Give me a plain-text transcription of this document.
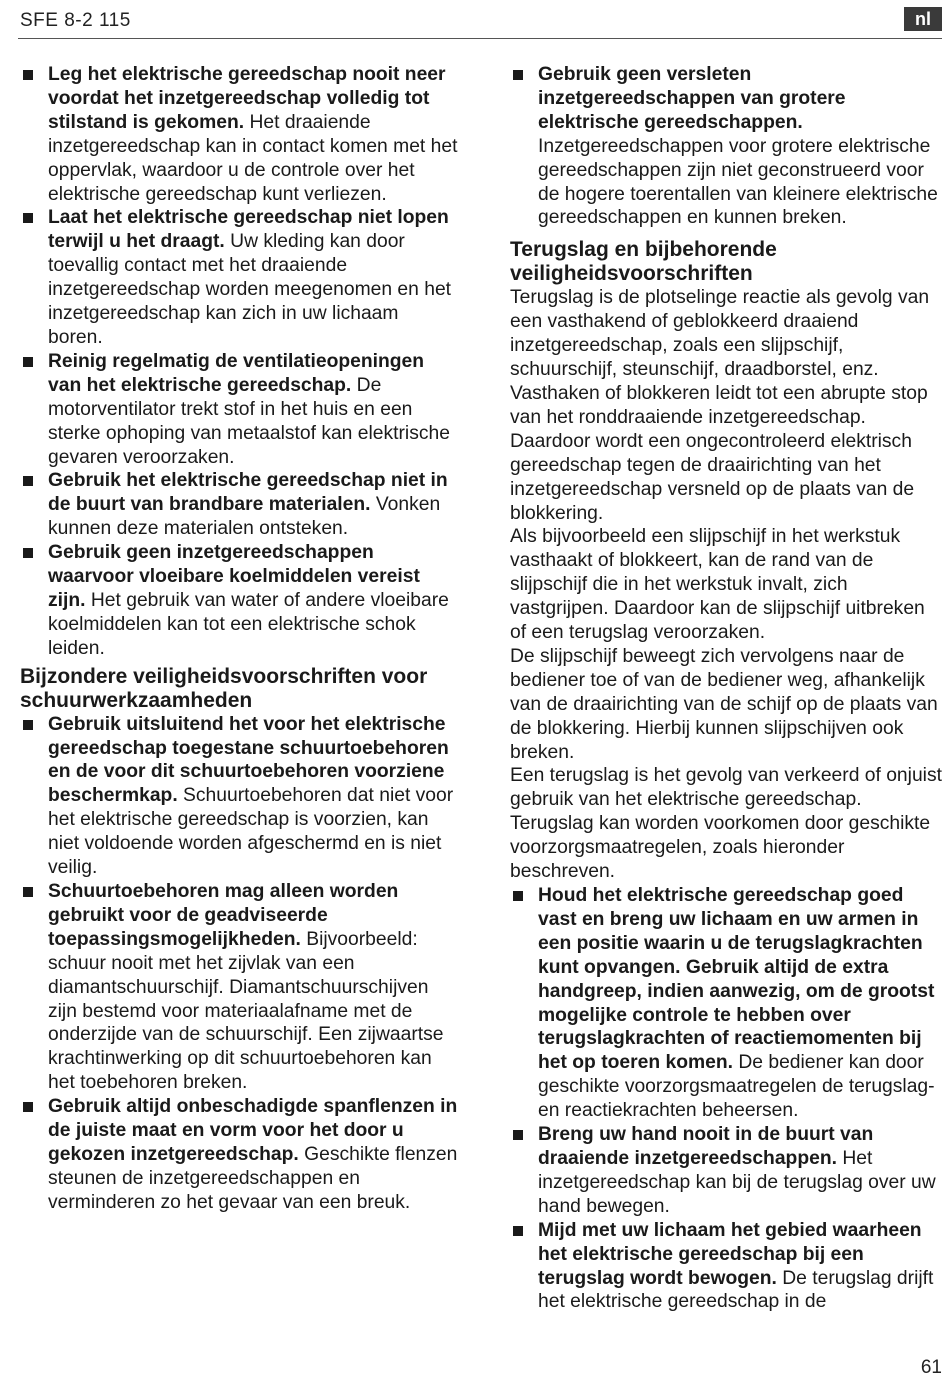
SFE 8-2 115	nl
Leg het elektrische gereedschap nooit neer voordat het inzetgereedschap volledig tot stilstand is gekomen. Het draaiende inzetgereedschap kan in contact komen met het oppervlak, waardoor u de controle over het elektrische gereedschap kunt verliezen.
Laat het elektrische gereedschap niet lopen terwijl u het draagt. Uw kleding kan door toevallig contact met het draaiende inzetgereedschap worden meegenomen en het inzetgereedschap kan zich in uw lichaam boren.
Reinig regelmatig de ventilatieopeningen van het elektrische gereedschap. De motorventilator trekt stof in het huis en een sterke ophoping van metaalstof kan elektrische gevaren veroorzaken.
Gebruik het elektrische gereedschap niet in de buurt van brandbare materialen. Vonken kunnen deze materialen ontsteken.
Gebruik geen inzetgereedschappen waarvoor vloeibare koelmiddelen vereist zijn. Het gebruik van water of andere vloeibare koelmiddelen kan tot een elektrische schok leiden.
Bijzondere veiligheidsvoorschriften voor schuurwerkzaamheden
Gebruik uitsluitend het voor het elektrische gereedschap toegestane schuurtoebehoren en de voor dit schuurtoebehoren voorziene beschermkap. Schuurtoebehoren dat niet voor het elektrische gereedschap is voorzien, kan niet voldoende worden afgeschermd en is niet veilig.
Schuurtoebehoren mag alleen worden gebruikt voor de geadviseerde toepassingsmogelijkheden. Bijvoorbeeld: schuur nooit met het zijvlak van een diamantschuurschijf. Diamantschuurschijven zijn bestemd voor materiaalafname met de onderzijde van de schuurschijf. Een zijwaartse krachtinwerking op dit schuurtoebehoren kan het toebehoren breken.
Gebruik altijd onbeschadigde spanflenzen in de juiste maat en vorm voor het door u gekozen inzetgereedschap. Geschikte flenzen steunen de inzetgereedschappen en verminderen zo het gevaar van een breuk.
Gebruik geen versleten inzetgereedschappen van grotere elektrische gereedschappen. Inzetgereedschappen voor grotere elektrische gereedschappen zijn niet geconstrueerd voor de hogere toerentallen van kleinere elektrische gereedschappen en kunnen breken.
Terugslag en bijbehorende veiligheidsvoorschriften
Terugslag is de plotselinge reactie als gevolg van een vasthakend of geblokkeerd draaiend inzetgereedschap, zoals een slijpschijf, schuurschijf, steunschijf, draadborstel, enz. Vasthaken of blokkeren leidt tot een abrupte stop van het ronddraaiende inzetgereedschap. Daardoor wordt een ongecontroleerd elektrisch gereedschap tegen de draairichting van het inzetgereedschap versneld op de plaats van de blokkering.
Als bijvoorbeeld een slijpschijf in het werkstuk vasthaakt of blokkeert, kan de rand van de slijpschijf die in het werkstuk invalt, zich vastgrijpen. Daardoor kan de slijpschijf uitbreken of een terugslag veroorzaken.
De slijpschijf beweegt zich vervolgens naar de bediener toe of van de bediener weg, afhankelijk van de draairichting van de schijf op de plaats van de blokkering. Hierbij kunnen slijpschijven ook breken.
Een terugslag is het gevolg van verkeerd of onjuist gebruik van het elektrische gereedschap. Terugslag kan worden voorkomen door geschikte voorzorgsmaatregelen, zoals hieronder beschreven.
Houd het elektrische gereedschap goed vast en breng uw lichaam en uw armen in een positie waarin u de terugslagkrachten kunt opvangen. Gebruik altijd de extra handgreep, indien aanwezig, om de grootst mogelijke controle te hebben over terugslagkrachten of reactiemomenten bij het op toeren komen. De bediener kan door geschikte voorzorgsmaatregelen de terugslag- en reactiekrachten beheersen.
Breng uw hand nooit in de buurt van draaiende inzetgereedschappen. Het inzetgereedschap kan bij de terugslag over uw hand bewegen.
Mijd met uw lichaam het gebied waarheen het elektrische gereedschap bij een terugslag wordt bewogen. De terugslag drijft het elektrische gereedschap in de
61
